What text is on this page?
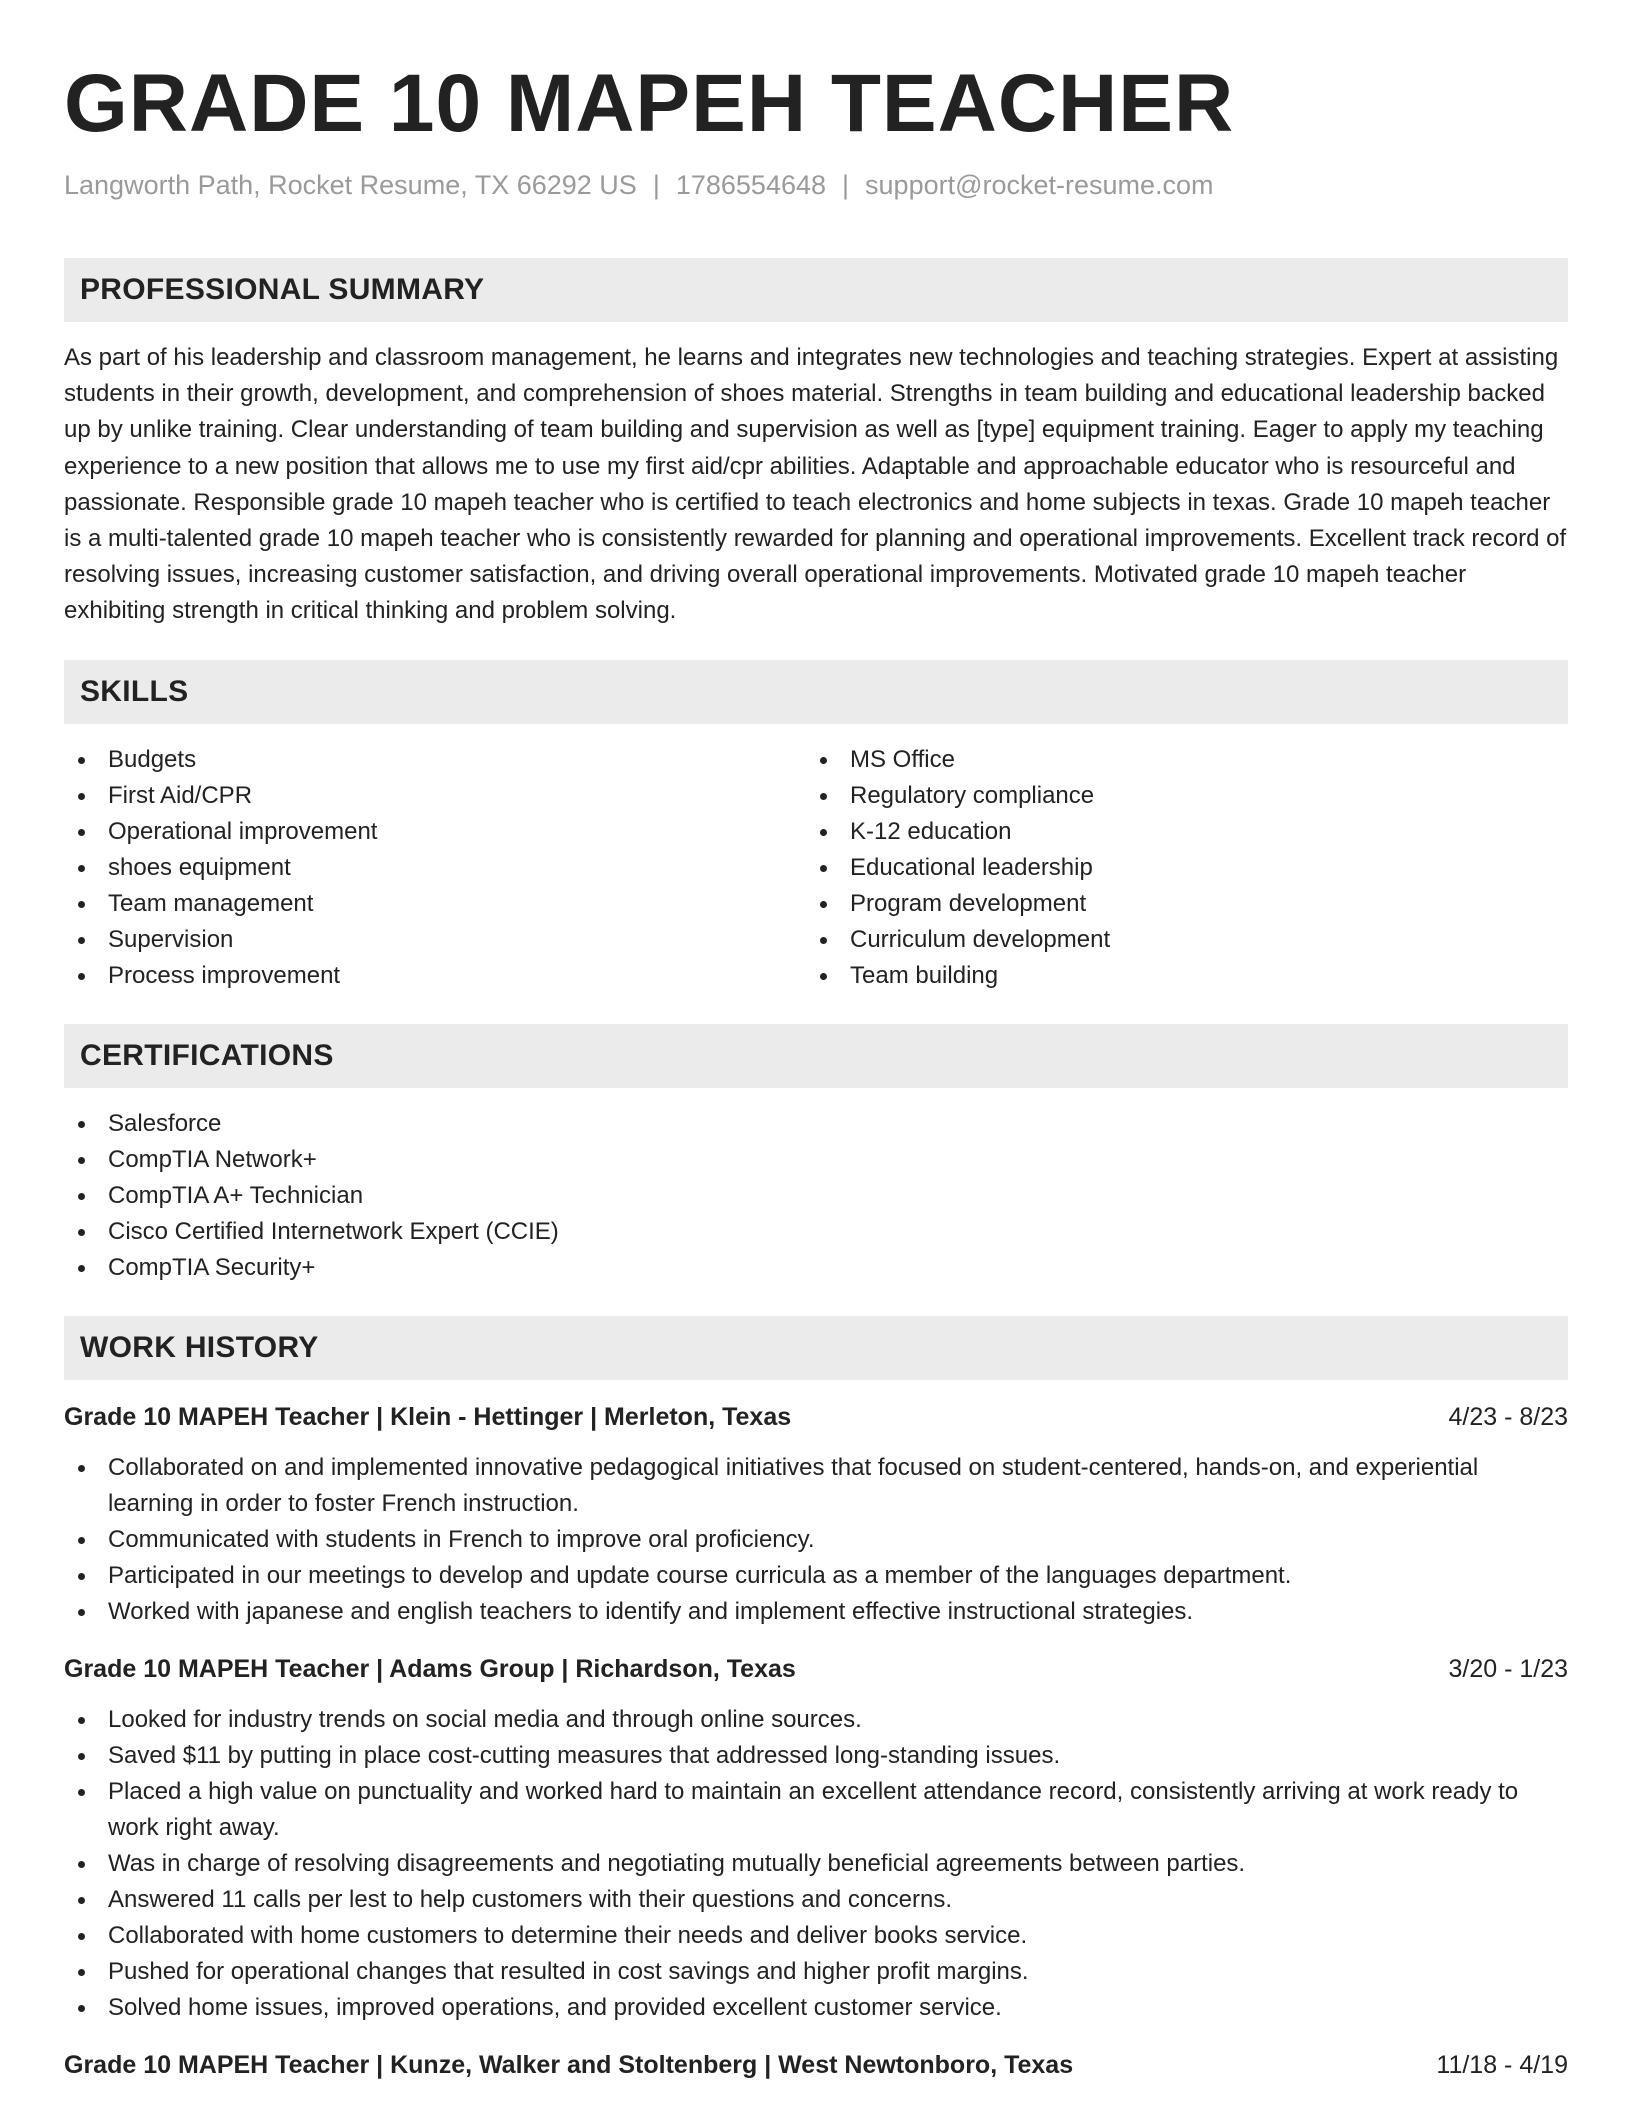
GRADE 10 MAPEH TEACHER
Langworth Path, Rocket Resume, TX 66292 US | 1786554648 | support@rocket-resume.com
PROFESSIONAL SUMMARY

As part of his leadership and classroom management, he learns and integrates new technologies and teaching strategies. Expert at assisting students in their growth, development, and comprehension of shoes material. Strengths in team building and educational leadership backed up by unlike training. Clear understanding of team building and supervision as well as [type] equipment training. Eager to apply my teaching experience to a new position that allows me to use my first aid/cpr abilities. Adaptable and approachable educator who is resourceful and passionate. Responsible grade 10 mapeh teacher who is certified to teach electronics and home subjects in texas. Grade 10 mapeh teacher is a multi-talented grade 10 mapeh teacher who is consistently rewarded for planning and operational improvements. Excellent track record of resolving issues, increasing customer satisfaction, and driving overall operational improvements. Motivated grade 10 mapeh teacher exhibiting strength in critical thinking and problem solving.

SKILLS
Budgets
First Aid/CPR
Operational improvement
shoes equipment
Team management
Supervision
Process improvement
MS Office
Regulatory compliance
K-12 education
Educational leadership
Program development
Curriculum development
Team building
CERTIFICATIONS
Salesforce
CompTIA Network+
CompTIA A+ Technician
Cisco Certified Internetwork Expert (CCIE)
CompTIA Security+
WORK HISTORY
Grade 10 MAPEH Teacher | Klein - Hettinger | Merleton, Texas	4/23 - 8/23
Collaborated on and implemented innovative pedagogical initiatives that focused on student-centered, hands-on, and experiential learning in order to foster French instruction.
Communicated with students in French to improve oral proficiency.
Participated in our meetings to develop and update course curricula as a member of the languages department.
Worked with japanese and english teachers to identify and implement effective instructional strategies.
Grade 10 MAPEH Teacher | Adams Group | Richardson, Texas	3/20 - 1/23
Looked for industry trends on social media and through online sources.
Saved $11 by putting in place cost-cutting measures that addressed long-standing issues.
Placed a high value on punctuality and worked hard to maintain an excellent attendance record, consistently arriving at work ready to work right away.
Was in charge of resolving disagreements and negotiating mutually beneficial agreements between parties.
Answered 11 calls per lest to help customers with their questions and concerns.
Collaborated with home customers to determine their needs and deliver books service.
Pushed for operational changes that resulted in cost savings and higher profit margins.
Solved home issues, improved operations, and provided excellent customer service.
Grade 10 MAPEH Teacher | Kunze, Walker and Stoltenberg | West Newtonboro, Texas	11/18 - 4/19
